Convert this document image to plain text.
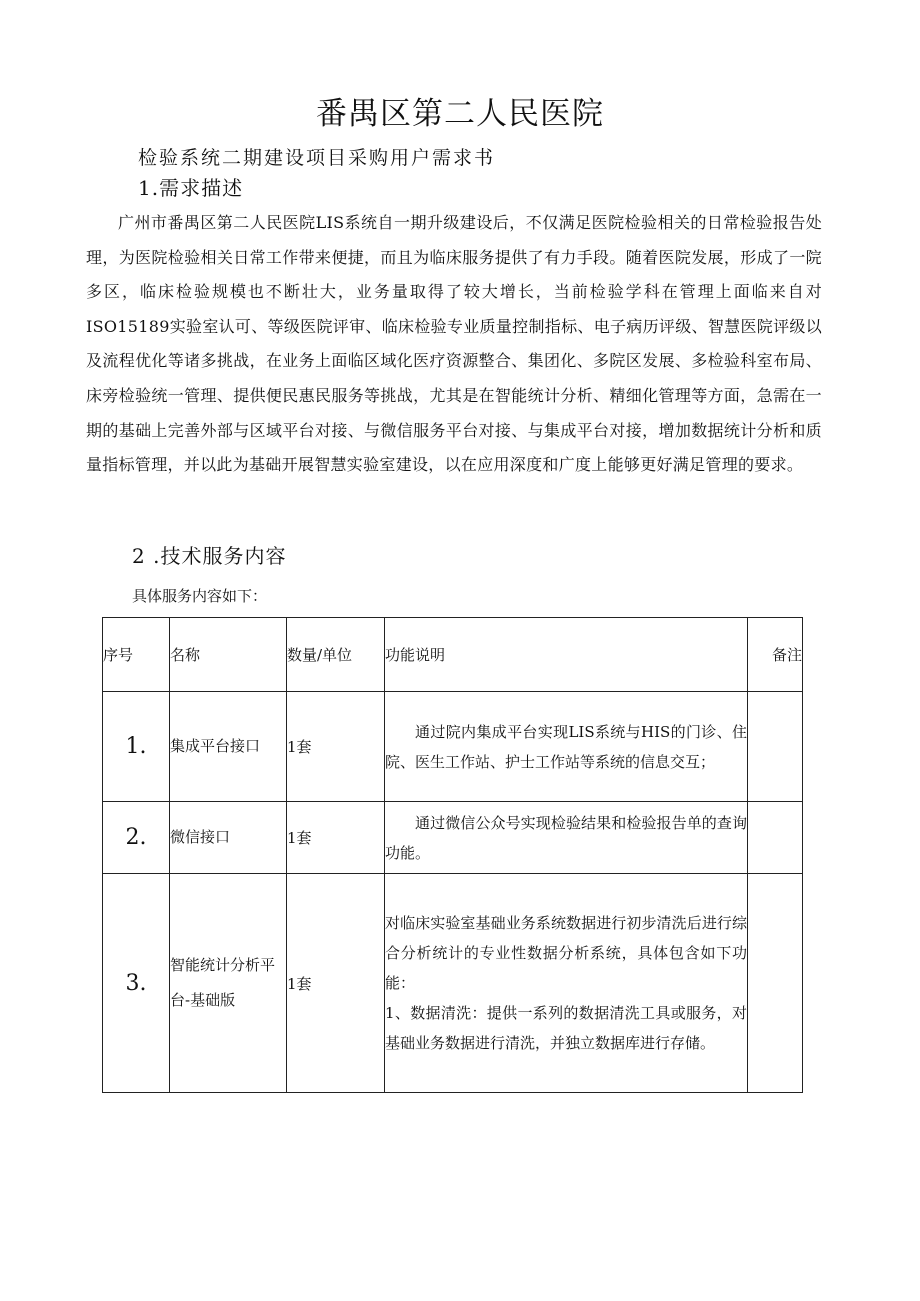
番禺区第二人民医院
检验系统二期建设项目采购用户需求书
1.需求描述

广州市番禺区第二人民医院LIS系统自一期升级建设后，不仅满足医院检验相关的日常检验报告处理，为医院检验相关日常工作带来便捷，而且为临床服务提供了有力手段。随着医院发展，形成了一院多区，临床检验规模也不断壮大，业务量取得了较大增长，当前检验学科在管理上面临来自对ISO15189实验室认可、等级医院评审、临床检验专业质量控制指标、电子病历评级、智慧医院评级以及流程优化等诸多挑战，在业务上面临区域化医疗资源整合、集团化、多院区发展、多检验科室布局、床旁检验统一管理、提供便民惠民服务等挑战，尤其是在智能统计分析、精细化管理等方面，急需在一期的基础上完善外部与区域平台对接、与微信服务平台对接、与集成平台对接，增加数据统计分析和质量指标管理，并以此为基础开展智慧实验室建设，以在应用深度和广度上能够更好满足管理的要求。

2 .技术服务内容

具体服务内容如下：

序号	名称	数量/单位	功能说明	备注
1.	集成平台接口	1套	通过院内集成平台实现LIS系统与HIS的门诊、住院、医生工作站、护士工作站等系统的信息交互；	
2.	微信接口	1套	通过微信公众号实现检验结果和检验报告单的查询功能。	
3.	智能统计分析平台-基础版	1套	对临床实验室基础业务系统数据进行初步清洗后进行综合分析统计的专业性数据分析系统，具体包含如下功能：

1、数据清洗：提供一系列的数据清洗工具或服务，对基础业务数据进行清洗，并独立数据库进行存储。	
